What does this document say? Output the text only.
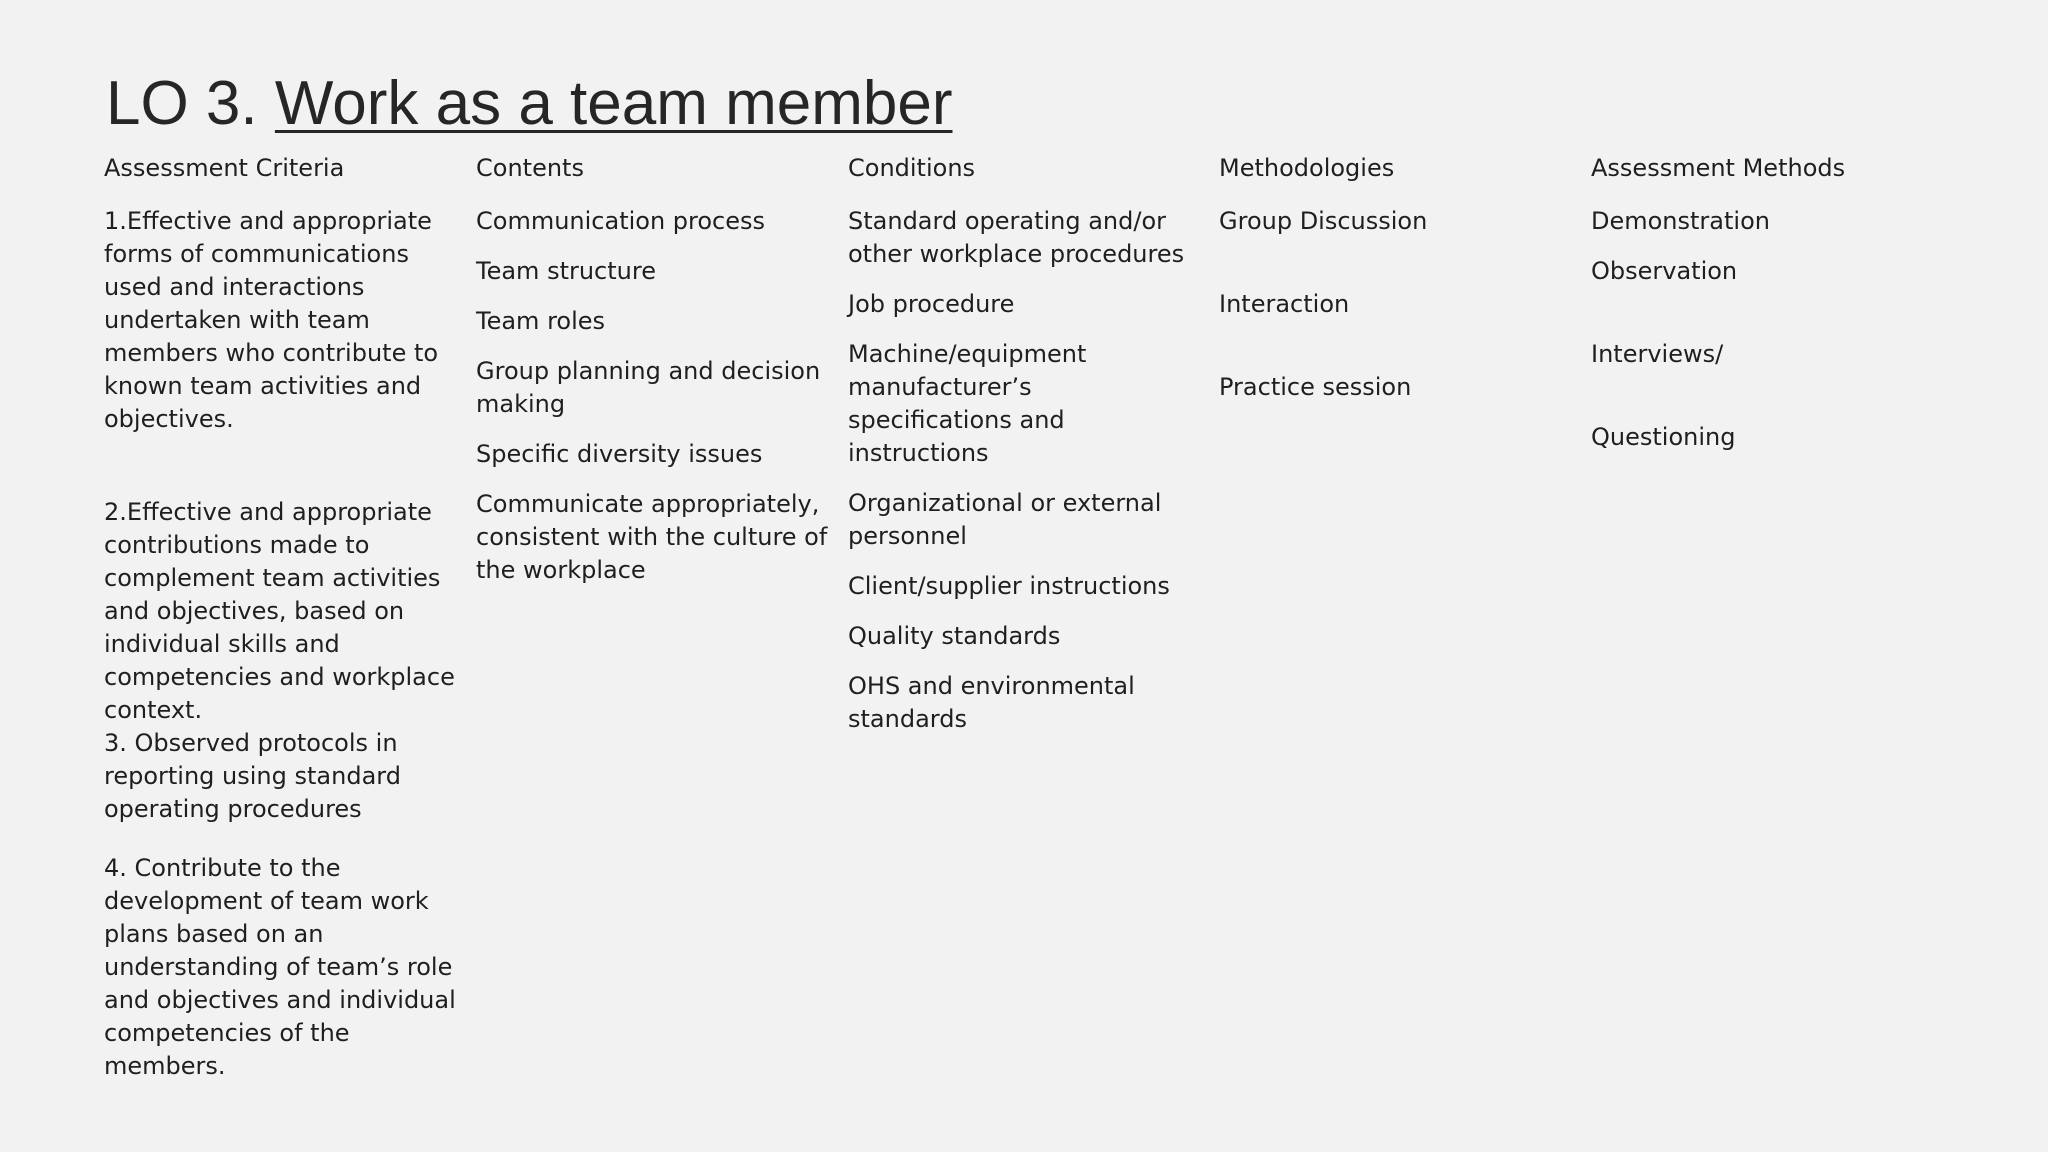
LO 3. Work as a team member

Assessment Criteria

1.Effective and appropriate forms of communications used and interactions undertaken with team members who contribute to known team activities and objectives.

2.Effective and appropriate contributions made to complement team activities and objectives, based on individual skills and competencies and workplace context.

3. Observed protocols in reporting using standard operating procedures

4. Contribute to the development of team work plans based on an understanding of team’s role and objectives and individual competencies of the members.

Contents

Communication process

Team structure

Team roles

Group planning and decision making

Specific diversity issues

Communicate appropriately, consistent with the culture of the workplace

Conditions

Standard operating and/or other workplace procedures

Job procedure

Machine/equipment manufacturer’s specifications and instructions

Organizational or external personnel

Client/supplier instructions

Quality standards

OHS and environmental standards

Methodologies

Group Discussion

Interaction

Practice session

Assessment Methods

Demonstration

Observation

Interviews/

Questioning
